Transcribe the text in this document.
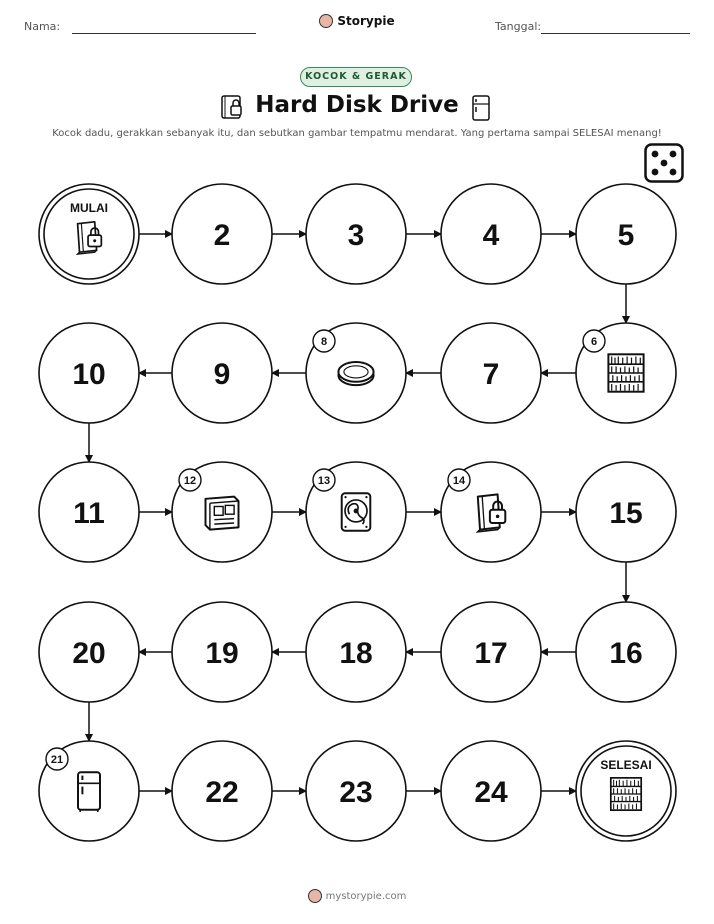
Nama:	Tanggal:
Storypie
KOCOK & GERAK
Hard Disk Drive
Kocok dadu, gerakkan sebanyak itu, dan sebutkan gambar tempatmu mendarat. Yang pertama sampai SELESAI menang!
MULAI
2	3	4	5
6
7
8
9
10
11
12	13	14
15
16
17
18
19
20
21
22	23	24
SELESAI
mystorypie.com
